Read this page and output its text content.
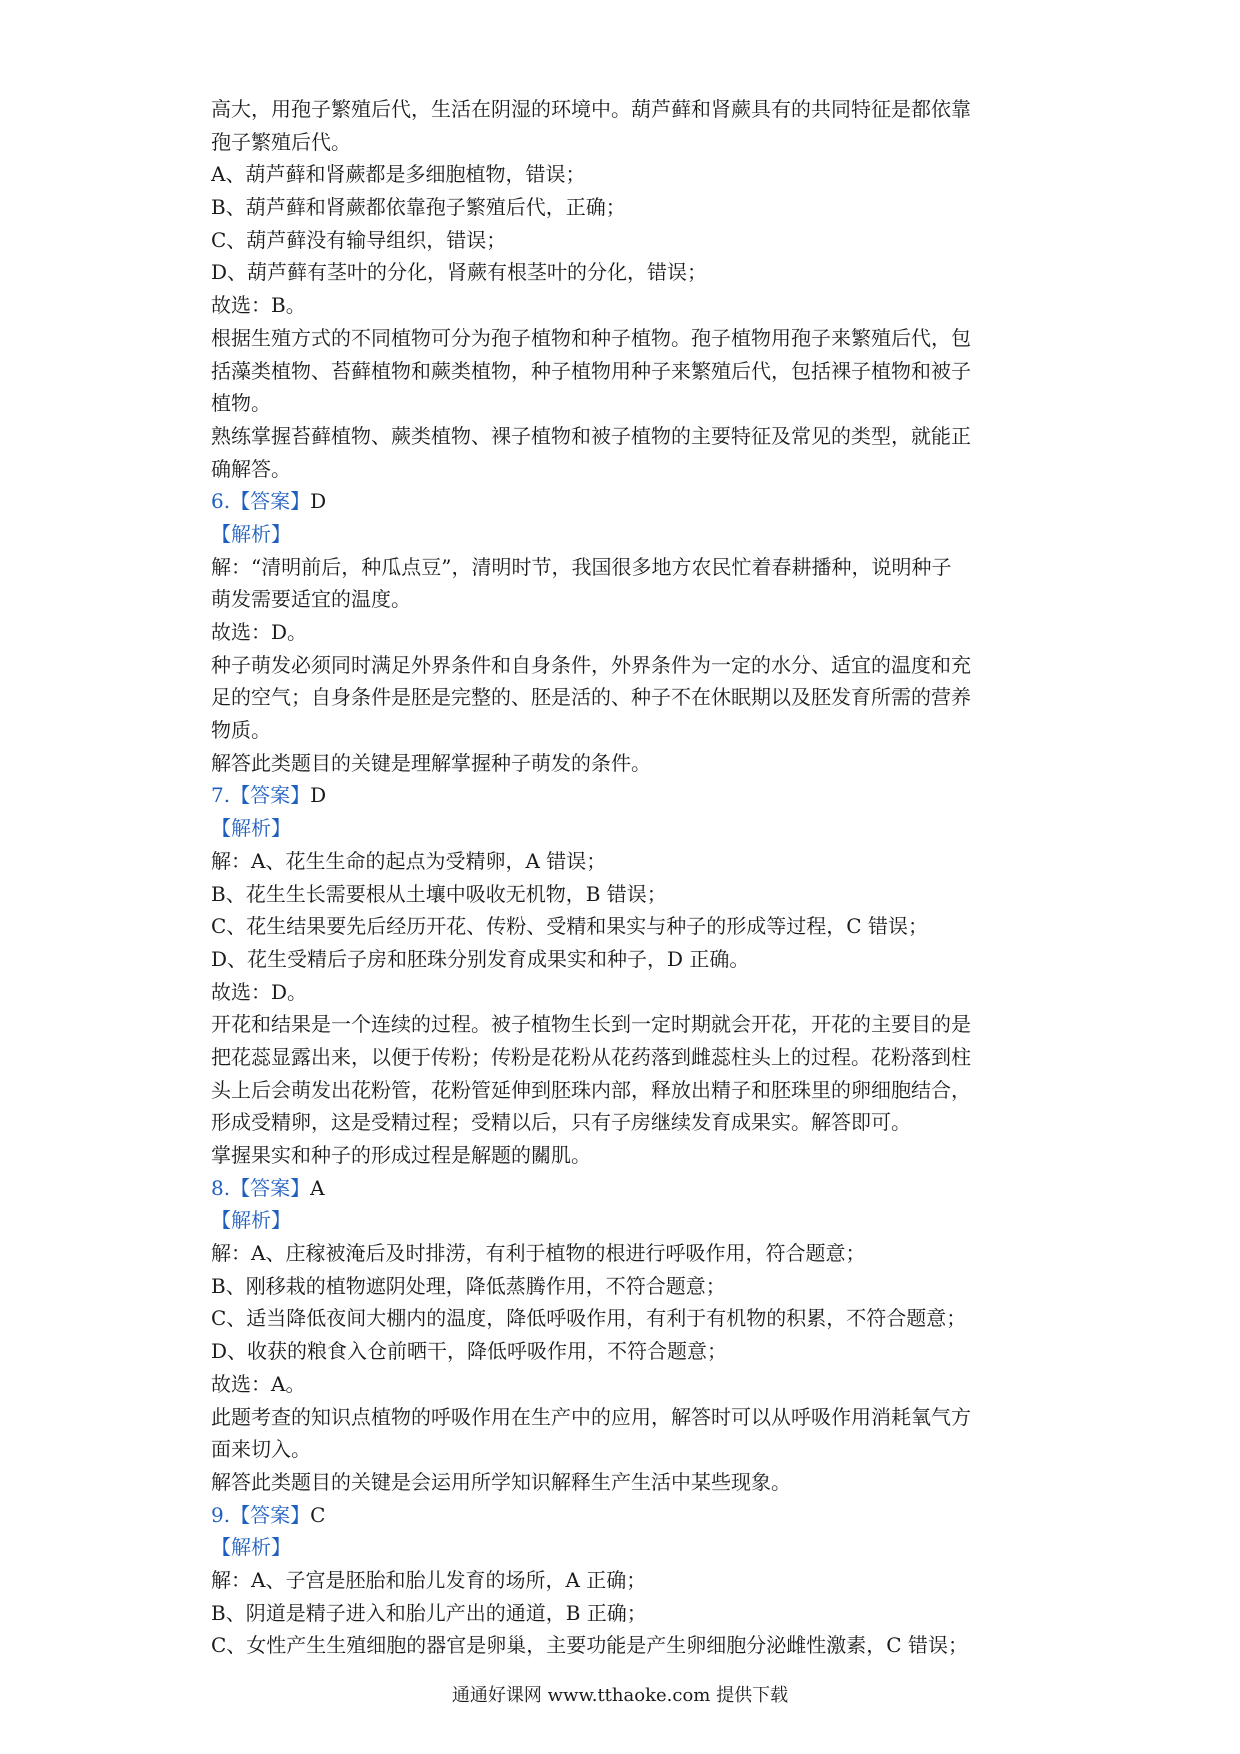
高大，用孢子繁殖后代，生活在阴湿的环境中。葫芦藓和肾蕨具有的共同特征是都依靠
孢子繁殖后代。
A、葫芦藓和肾蕨都是多细胞植物，错误；
B、葫芦藓和肾蕨都依靠孢子繁殖后代，正确；
C、葫芦藓没有输导组织，错误；
D、葫芦藓有茎叶的分化，肾蕨有根茎叶的分化，错误；
故选：B。
根据生殖方式的不同植物可分为孢子植物和种子植物。孢子植物用孢子来繁殖后代，包
括藻类植物、苔藓植物和蕨类植物，种子植物用种子来繁殖后代，包括裸子植物和被子
植物。
熟练掌握苔藓植物、蕨类植物、裸子植物和被子植物的主要特征及常见的类型，就能正
确解答。
6.【答案】D
【解析】
解：“清明前后，种瓜点豆”，清明时节，我国很多地方农民忙着春耕播种，说明种子
萌发需要适宜的温度。
故选：D。
种子萌发必须同时满足外界条件和自身条件，外界条件为一定的水分、适宜的温度和充
足的空气；自身条件是胚是完整的、胚是活的、种子不在休眠期以及胚发育所需的营养
物质。
解答此类题目的关键是理解掌握种子萌发的条件。
7.【答案】D
【解析】
解：A、花生生命的起点为受精卵，A 错误；
B、花生生长需要根从土壤中吸收无机物，B 错误；
C、花生结果要先后经历开花、传粉、受精和果实与种子的形成等过程，C 错误；
D、花生受精后子房和胚珠分别发育成果实和种子，D 正确。
故选：D。
开花和结果是一个连续的过程。被子植物生长到一定时期就会开花，开花的主要目的是
把花蕊显露出来，以便于传粉；传粉是花粉从花药落到雌蕊柱头上的过程。花粉落到柱
头上后会萌发出花粉管，花粉管延伸到胚珠内部，释放出精子和胚珠里的卵细胞结合，
形成受精卵，这是受精过程；受精以后，只有子房继续发育成果实。解答即可。
掌握果实和种子的形成过程是解题的關肌。
8.【答案】A
【解析】
解：A、庄稼被淹后及时排涝，有利于植物的根进行呼吸作用，符合题意；
B、刚移栽的植物遮阴处理，降低蒸腾作用，不符合题意；
C、适当降低夜间大棚内的温度，降低呼吸作用，有利于有机物的积累，不符合题意；
D、收获的粮食入仓前晒干，降低呼吸作用，不符合题意；
故选：A。
此题考查的知识点植物的呼吸作用在生产中的应用，解答时可以从呼吸作用消耗氧气方
面来切入。
解答此类题目的关键是会运用所学知识解释生产生活中某些现象。
9.【答案】C
【解析】
解：A、子宫是胚胎和胎儿发育的场所，A 正确；
B、阴道是精子进入和胎儿产出的通道，B 正确；
C、女性产生生殖细胞的器官是卵巢，主要功能是产生卵细胞分泌雌性激素，C 错误；
通通好课网 www.tthaoke.com 提供下载
